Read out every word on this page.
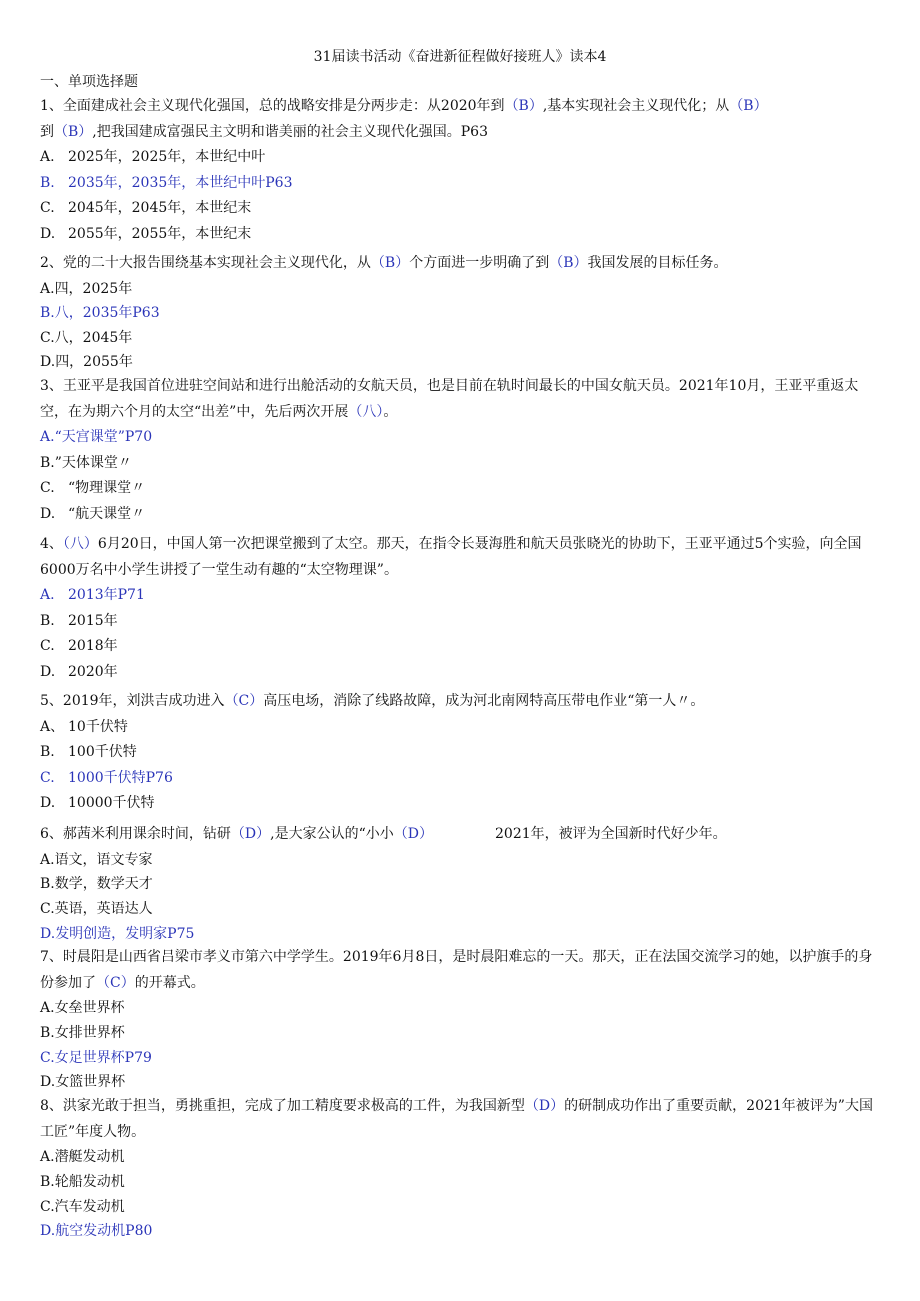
31届读书活动《奋进新征程做好接班人》读本4
一、单项选择题

1、全面建成社会主义现代化强国，总的战略安排是分两步走：从2020年到（B）,基本实现社会主义现代化；从（B）
到（B）,把我国建成富强民主文明和谐美丽的社会主义现代化强国。P63

A. 2025年，2025年，本世纪中叶

B. 2035年，2035年，本世纪中叶P63

C. 2045年，2045年，本世纪末

D. 2055年，2055年，本世纪末

2、党的二十大报告围绕基本实现社会主义现代化，从（B）个方面进一步明确了到（B）我国发展的目标任务。

A.四，2025年

B.八，2035年P63

C.八，2045年

D.四，2055年

3、王亚平是我国首位进驻空间站和进行出舱活动的女航天员，也是目前在轨时间最长的中国女航天员。2021年10月，王亚平重返太空，在为期六个月的太空“出差”中，先后两次开展（八）。

A.“天宫课堂”P70

B.”天体课堂〃

C. “物理课堂〃

D. “航天课堂〃

4、（八）6月20日，中国人第一次把课堂搬到了太空。那天，在指令长聂海胜和航天员张晓光的协助下，王亚平通过5个实验，向全国6000万名中小学生讲授了一堂生动有趣的“太空物理课”。

A. 2013年P71

B. 2015年

C. 2018年

D. 2020年

5、2019年，刘洪吉成功进入（C）高压电场，消除了线路故障，成为河北南网特高压带电作业“第一人〃。

A、 10千伏特

B. 100千伏特

C. 1000千伏特P76

D. 10000千伏特

6、郝茜米利用课余时间，钻研（D）,是大家公认的“小小（D）	2021年，被评为全国新时代好少年。

A.语文，语文专家

B.数学，数学天才

C.英语，英语达人

D.发明创造，发明家P75

7、时晨阳是山西省吕梁市孝义市第六中学学生。2019年6月8日，是时晨阳难忘的一天。那天，正在法国交流学习的她，以护旗手的身份参加了（C）的开幕式。

A.女垒世界杯

B.女排世界杯

C.女足世界杯P79

D.女篮世界杯

8、洪家光敢于担当，勇挑重担，完成了加工精度要求极高的工件，为我国新型（D）的研制成功作出了重要贡献，2021年被评为”大国工匠”年度人物。

A.潜艇发动机

B.轮船发动机

C.汽车发动机

D.航空发动机P80
